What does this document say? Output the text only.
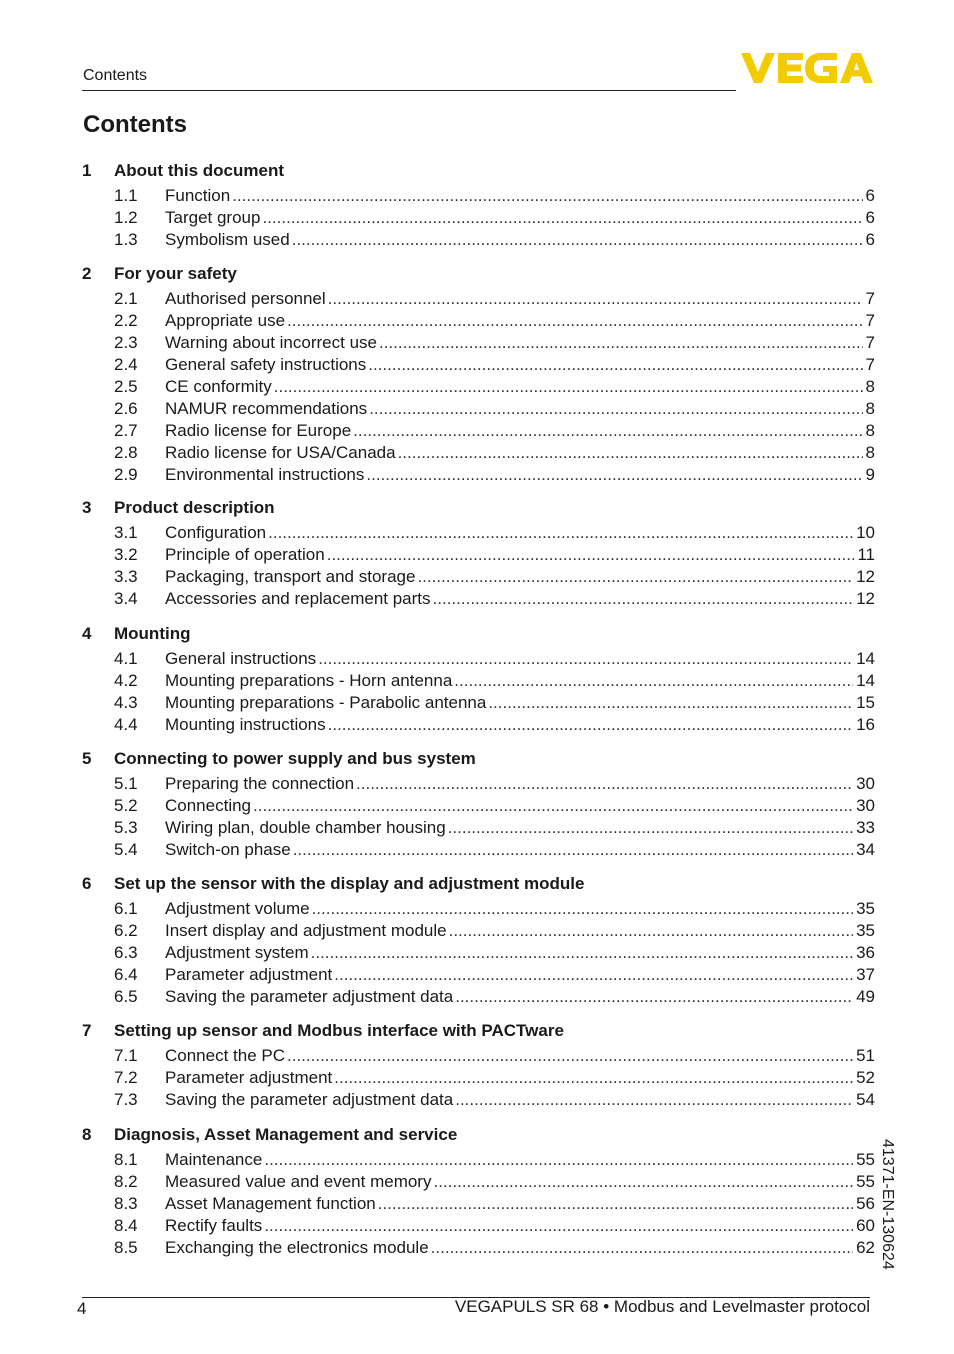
Contents
Contents
1 About this document
1.1 Function .....	6
1.2 Target group .....	6
1.3 Symbolism used .....	6
2 For your safety
2.1 Authorised personnel .....	7
2.2 Appropriate use .....	7
2.3 Warning about incorrect use .....	7
2.4 General safety instructions .....	7
2.5 CE conformity .....	8
2.6 NAMUR recommendations .....	8
2.7 Radio license for Europe .....	8
2.8 Radio license for USA/Canada .....	8
2.9 Environmental instructions .....	9
3 Product description
3.1 Configuration .....	10
3.2 Principle of operation .....	11
3.3 Packaging, transport and storage .....	12
3.4 Accessories and replacement parts .....	12
4 Mounting
4.1 General instructions .....	14
4.2 Mounting preparations - Horn antenna .....	14
4.3 Mounting preparations - Parabolic antenna .....	15
4.4 Mounting instructions .....	16
5 Connecting to power supply and bus system
5.1 Preparing the connection .....	30
5.2 Connecting .....	30
5.3 Wiring plan, double chamber housing .....	33
5.4 Switch-on phase .....	34
6 Set up the sensor with the display and adjustment module
6.1 Adjustment volume .....	35
6.2 Insert display and adjustment module .....	35
6.3 Adjustment system .....	36
6.4 Parameter adjustment .....	37
6.5 Saving the parameter adjustment data .....	49
7 Setting up sensor and Modbus interface with PACTware
7.1 Connect the PC .....	51
7.2 Parameter adjustment .....	52
7.3 Saving the parameter adjustment data .....	54
8 Diagnosis, Asset Management and service
8.1 Maintenance .....	55
8.2 Measured value and event memory .....	55
8.3 Asset Management function .....	56
8.4 Rectify faults .....	60
8.5 Exchanging the electronics module .....	62
4	VEGAPULS SR 68 • Modbus and Levelmaster protocol
41371-EN-130624
